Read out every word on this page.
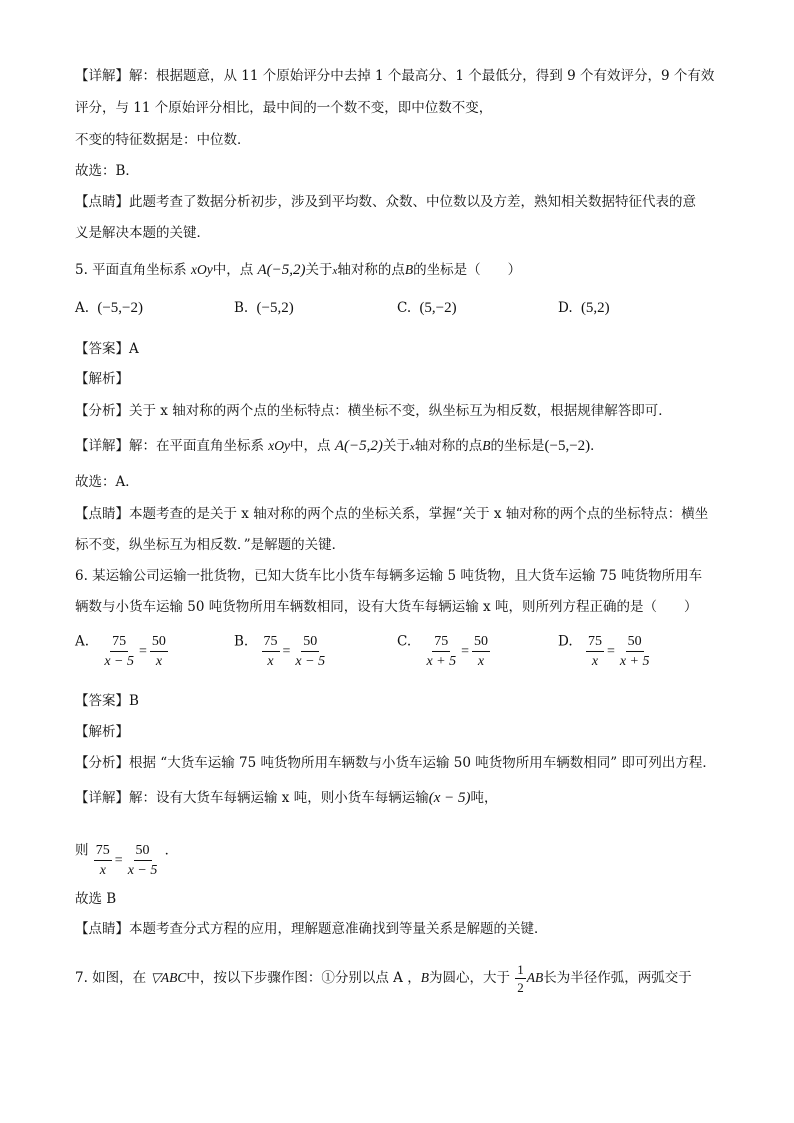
【详解】解：根据题意，从 11 个原始评分中去掉 1 个最高分、1 个最低分，得到 9 个有效评分，9 个有效
评分，与 11 个原始评分相比，最中间的一个数不变，即中位数不变，
不变的特征数据是：中位数．
故选：B．
【点睛】此题考查了数据分析初步，涉及到平均数、众数、中位数以及方差，熟知相关数据特征代表的意
义是解决本题的关键．
5. 平面直角坐标系 xOy中，点 A(−5,2)关于x轴对称的点B的坐标是（　　）
A. (−5,−2)	B. (−5,2)	C. (5,−2)	D. (5,2)
【答案】A
【解析】
【分析】关于 x 轴对称的两个点的坐标特点：横坐标不变，纵坐标互为相反数，根据规律解答即可．
【详解】解：在平面直角坐标系 xOy中，点 A(−5,2)关于x轴对称的点B的坐标是(−5,−2)．
故选：A．
【点睛】本题考查的是关于 x 轴对称的两个点的坐标关系，掌握“关于 x 轴对称的两个点的坐标特点：横坐
标不变，纵坐标互为相反数．”是解题的关键．
6. 某运输公司运输一批货物，已知大货车比小货车每辆多运输 5 吨货物，且大货车运输 75 吨货物所用车
辆数与小货车运输 50 吨货物所用车辆数相同，设有大货车每辆运输 x 吨，则所列方程正确的是（　　）
A. $\frac{75}{x - 5} = \frac{50}{x}$	B. $\frac{75}{x} = \frac{50}{x - 5}$	C. $\frac{75}{x + 5} = \frac{50}{x}$	D. $\frac{75}{x} = \frac{50}{x + 5}$
【答案】B
【解析】
【分析】根据 “大货车运输 75 吨货物所用车辆数与小货车运输 50 吨货物所用车辆数相同” 即可列出方程．
【详解】解：设有大货车每辆运输 x 吨，则小货车每辆运输(x − 5)吨，
则 $\frac{75}{x} = \frac{50}{x - 5}$ ．
故选 B
【点睛】本题考查分式方程的应用，理解题意准确找到等量关系是解题的关键．
7. 如图，在 ▽ABC中，按以下步骤作图：①分别以点 A ，B为圆心，大于 $\frac{1}{2}$ AB长为半径作弧，两弧交于
